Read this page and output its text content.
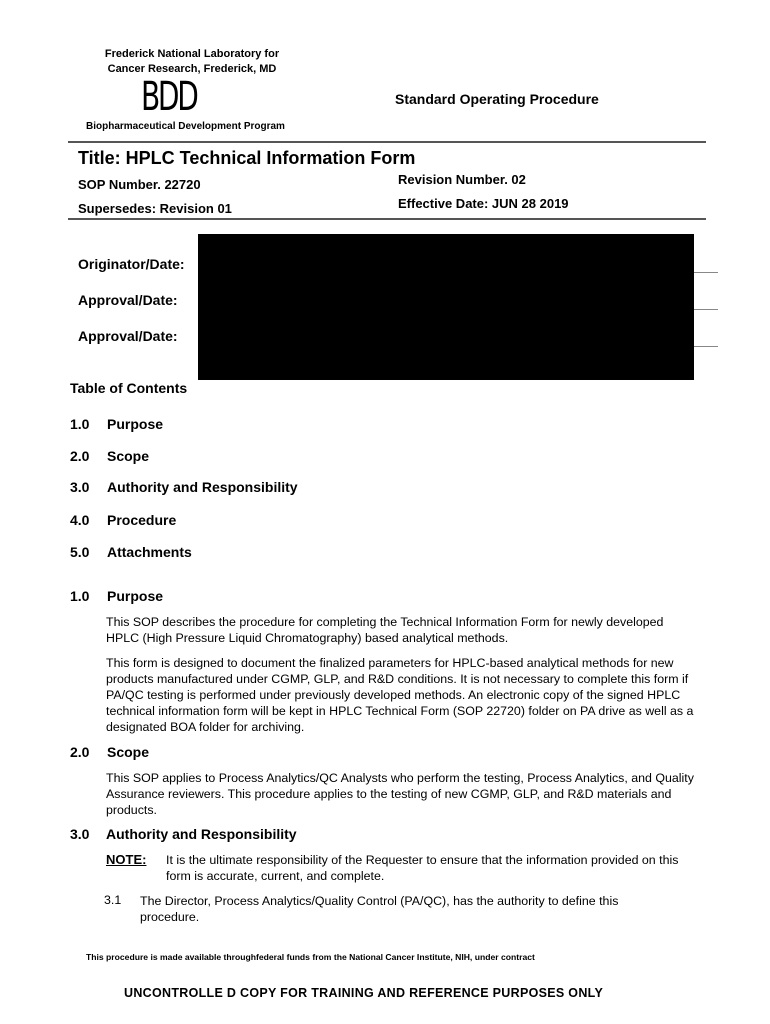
Frederick National Laboratory for
Cancer Research, Frederick, MD
BDD
Biopharmaceutical Development Program
Standard Operating Procedure
Title: HPLC Technical Information Form
SOP Number. 22720
Supersedes: Revision 01
Revision Number. 02
Effective Date: JUN 28 2019
Originator/Date:
Approval/Date:
Approval/Date:
Table of Contents
1.0 Purpose
2.0 Scope
3.0 Authority and Responsibility
4.0 Procedure
5.0 Attachments
1.0 Purpose
This SOP describes the procedure for completing the Technical Information Form for newly developed HPLC (High Pressure Liquid Chromatography) based analytical methods.
This form is designed to document the finalized parameters for HPLC-based analytical methods for new products manufactured under CGMP, GLP, and R&D conditions. It is not necessary to complete this form if PA/QC testing is performed under previously developed methods. An electronic copy of the signed HPLC technical information form will be kept in HPLC Technical Form (SOP 22720) folder on PA drive as well as a designated BOA folder for archiving.
2.0 Scope
This SOP applies to Process Analytics/QC Analysts who perform the testing, Process Analytics, and Quality Assurance reviewers. This procedure applies to the testing of new CGMP, GLP, and R&D materials and products.
3.0 Authority and Responsibility
NOTE: It is the ultimate responsibility of the Requester to ensure that the information provided on this form is accurate, current, and complete.
3.1 The Director, Process Analytics/Quality Control (PA/QC), has the authority to define this procedure.
This procedure is made available throughfederal funds from the National Cancer Institute, NIH, under contract
UNCONTROLLE D COPY FOR TRAINING AND REFERENCE PURPOSES ONLY
